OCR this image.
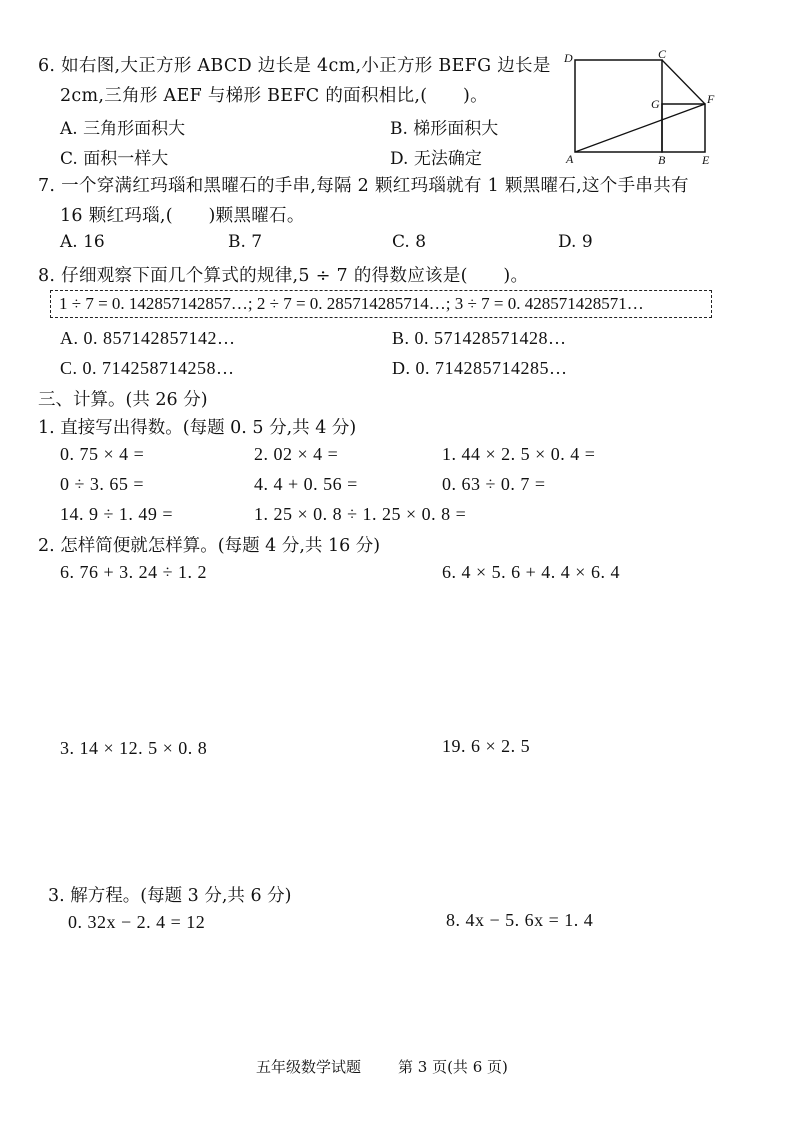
6. 如右图,大正方形 ABCD 边长是 4cm,小正方形 BEFG 边长是
2cm,三角形 AEF 与梯形 BEFC 的面积相比,(　　)。
A. 三角形面积大	B. 梯形面积大
C. 面积一样大	D. 无法确定
D	C
G	F
A	B	E
7. 一个穿满红玛瑙和黑曜石的手串,每隔 2 颗红玛瑙就有 1 颗黑曜石,这个手串共有
16 颗红玛瑙,(　　)颗黑曜石。
A. 16	B. 7	C. 8	D. 9
8. 仔细观察下面几个算式的规律,5 ÷ 7 的得数应该是(　　)。
1 ÷ 7 = 0. 142857142857…; 2 ÷ 7 = 0. 285714285714…; 3 ÷ 7 = 0. 428571428571…
A. 0. 857142857142…	B. 0. 571428571428…
C. 0. 714258714258…	D. 0. 714285714285…
三、计算。(共 26 分)
1. 直接写出得数。(每题 0. 5 分,共 4 分)
0. 75 × 4 =	2. 02 × 4 =	1. 44 × 2. 5 × 0. 4 =
0 ÷ 3. 65 =	4. 4 + 0. 56 =	0. 63 ÷ 0. 7 =
14. 9 ÷ 1. 49 =	1. 25 × 0. 8 ÷ 1. 25 × 0. 8 =
2. 怎样简便就怎样算。(每题 4 分,共 16 分)
6. 76 + 3. 24 ÷ 1. 2	6. 4 × 5. 6 + 4. 4 × 6. 4
3. 14 × 12. 5 × 0. 8	19. 6 × 2. 5
3. 解方程。(每题 3 分,共 6 分)
0. 32x − 2. 4 = 12	8. 4x − 5. 6x = 1. 4
五年级数学试题 第 3 页(共 6 页)
